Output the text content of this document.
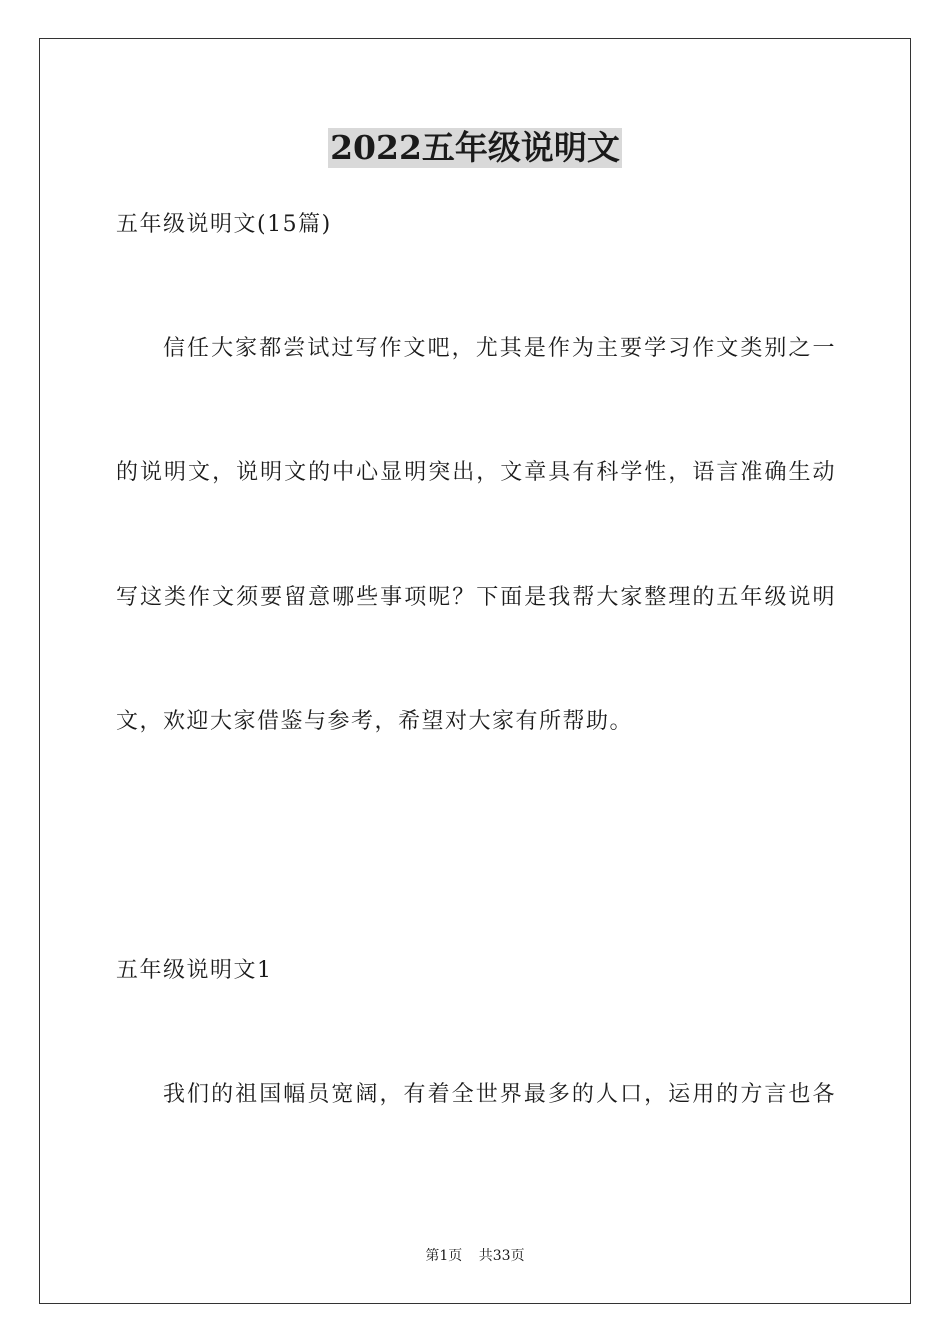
2022五年级说明文
五年级说明文(15篇)
信任大家都尝试过写作文吧，尤其是作为主要学习作文类别之一
的说明文，说明文的中心显明突出，文章具有科学性，语言准确生动
写这类作文须要留意哪些事项呢？下面是我帮大家整理的五年级说明
文，欢迎大家借鉴与参考，希望对大家有所帮助。
五年级说明文1
我们的祖国幅员宽阔，有着全世界最多的人口，运用的方言也各
第1页 共33页
